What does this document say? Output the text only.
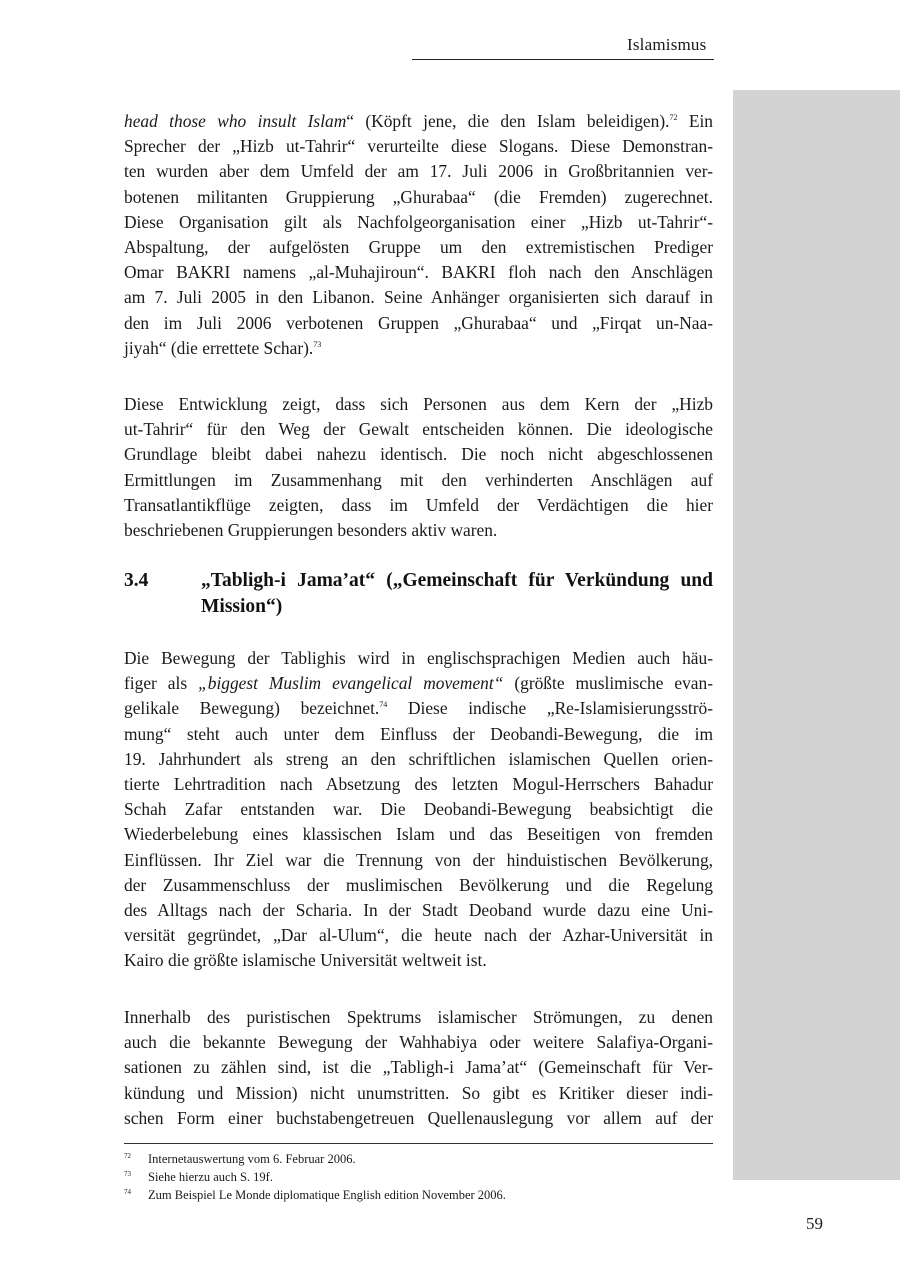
Islamismus
head those who insult Islam“ (Köpft jene, die den Islam beleidigen).$^{72}$ Ein
Sprecher der „Hizb ut-Tahrir“ verurteilte diese Slogans. Diese Demonstran-
ten wurden aber dem Umfeld der am 17. Juli 2006 in Großbritannien ver-
botenen militanten Gruppierung „Ghurabaa“ (die Fremden) zugerechnet.
Diese Organisation gilt als Nachfolgeorganisation einer „Hizb ut-Tahrir“-
Abspaltung, der aufgelösten Gruppe um den extremistischen Prediger
Omar BAKRI namens „al-Muhajiroun“. BAKRI floh nach den Anschlägen
am 7. Juli 2005 in den Libanon. Seine Anhänger organisierten sich darauf in
den im Juli 2006 verbotenen Gruppen „Ghurabaa“ und „Firqat un-Naa-
jiyah“ (die errettete Schar).$^{73}$
Diese Entwicklung zeigt, dass sich Personen aus dem Kern der „Hizb
ut-Tahrir“ für den Weg der Gewalt entscheiden können. Die ideologische
Grundlage bleibt dabei nahezu identisch. Die noch nicht abgeschlossenen
Ermittlungen im Zusammenhang mit den verhinderten Anschlägen auf
Transatlantikflüge zeigten, dass im Umfeld der Verdächtigen die hier
beschriebenen Gruppierungen besonders aktiv waren.
3.4	„Tabligh-i Jama’at“ („Gemeinschaft für Verkündung und
Mission“)
Die Bewegung der Tablighis wird in englischsprachigen Medien auch häu-
figer als „biggest Muslim evangelical movement“ (größte muslimische evan-
gelikale Bewegung) bezeichnet.$^{74}$ Diese indische „Re-Islamisierungsströ-
mung“ steht auch unter dem Einfluss der Deobandi-Bewegung, die im
19. Jahrhundert als streng an den schriftlichen islamischen Quellen orien-
tierte Lehrtradition nach Absetzung des letzten Mogul-Herrschers Bahadur
Schah Zafar entstanden war. Die Deobandi-Bewegung beabsichtigt die
Wiederbelebung eines klassischen Islam und das Beseitigen von fremden
Einflüssen. Ihr Ziel war die Trennung von der hinduistischen Bevölkerung,
der Zusammenschluss der muslimischen Bevölkerung und die Regelung
des Alltags nach der Scharia. In der Stadt Deoband wurde dazu eine Uni-
versität gegründet, „Dar al-Ulum“, die heute nach der Azhar-Universität in
Kairo die größte islamische Universität weltweit ist.
Innerhalb des puristischen Spektrums islamischer Strömungen, zu denen
auch die bekannte Bewegung der Wahhabiya oder weitere Salafiya-Organi-
sationen zu zählen sind, ist die „Tabligh-i Jama’at“ (Gemeinschaft für Ver-
kündung und Mission) nicht unumstritten. So gibt es Kritiker dieser indi-
schen Form einer buchstabengetreuen Quellenauslegung vor allem auf der
72 Internetauswertung vom 6. Februar 2006.
73 Siehe hierzu auch S. 19f.
74 Zum Beispiel Le Monde diplomatique English edition November 2006.
59
